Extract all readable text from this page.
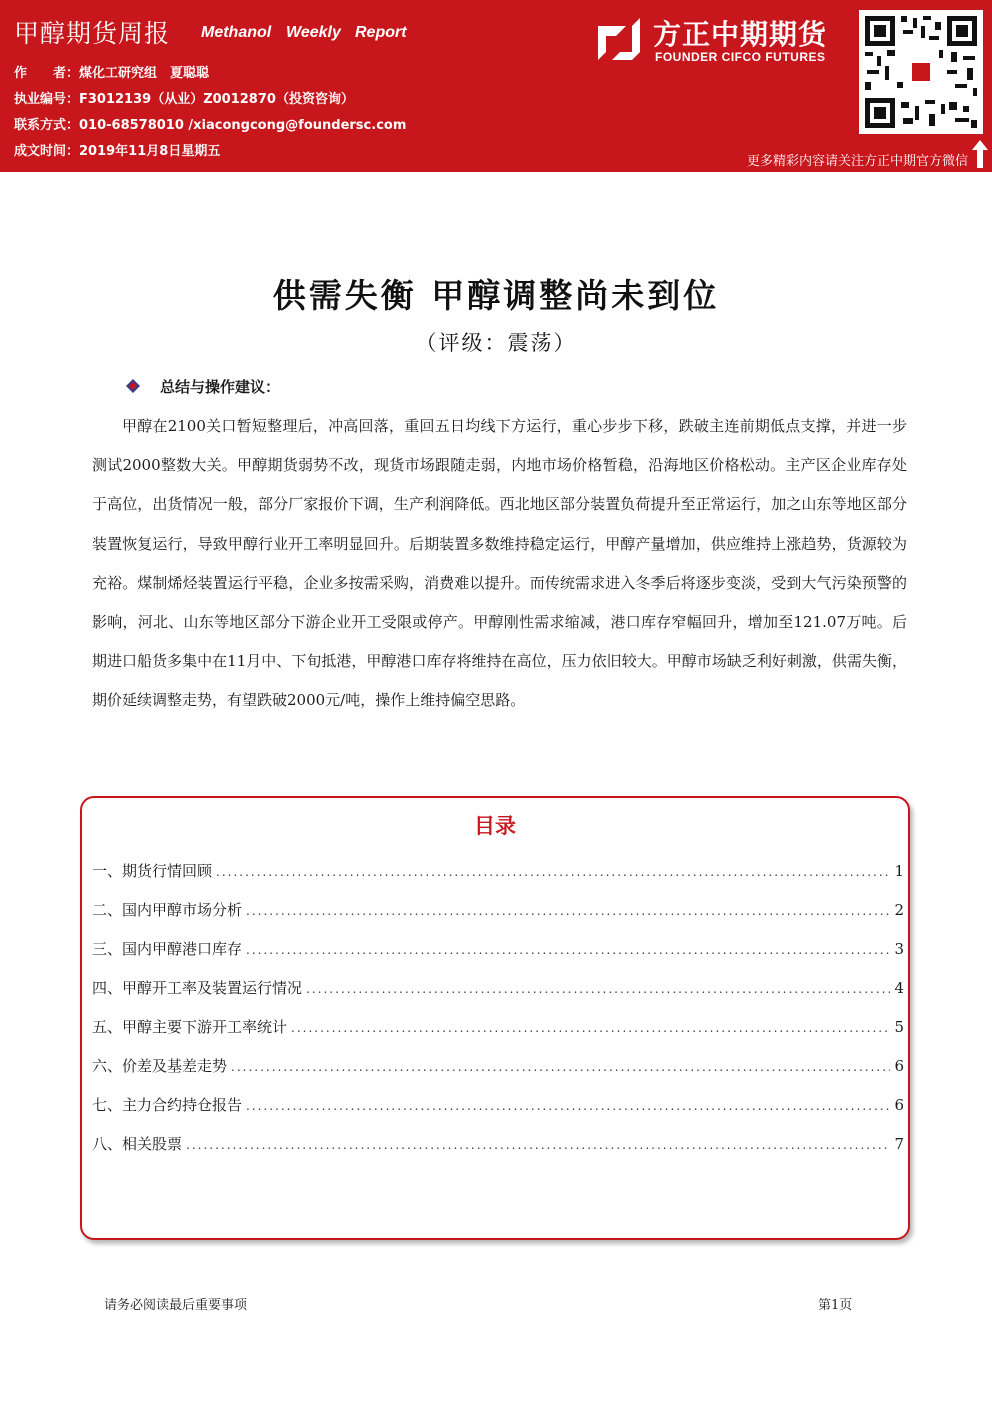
甲醇期货周报 Methanol Weekly Report
作　　者：煤化工研究组　夏聪聪
执业编号：F3012139（从业）Z0012870（投资咨询）
联系方式：010-68578010 /xiacongcong@foundersc.com
成文时间：2019年11月8日星期五
方正中期期货
FOUNDER CIFCO FUTURES
更多精彩内容请关注方正中期官方微信
供需失衡 甲醇调整尚未到位
（评级：震荡）
总结与操作建议：
甲醇在2100关口暂短整理后，冲高回落，重回五日均线下方运行，重心步步下移，跌破主连前期低点支撑，并进一步测试2000整数大关。甲醇期货弱势不改，现货市场跟随走弱，内地市场价格暂稳，沿海地区价格松动。主产区企业库存处于高位，出货情况一般，部分厂家报价下调，生产利润降低。西北地区部分装置负荷提升至正常运行，加之山东等地区部分装置恢复运行，导致甲醇行业开工率明显回升。后期装置多数维持稳定运行，甲醇产量增加，供应维持上涨趋势，货源较为充裕。煤制烯烃装置运行平稳，企业多按需采购，消费难以提升。而传统需求进入冬季后将逐步变淡，受到大气污染预警的影响，河北、山东等地区部分下游企业开工受限或停产。甲醇刚性需求缩减，港口库存窄幅回升，增加至121.07万吨。后期进口船货多集中在11月中、下旬抵港，甲醇港口库存将维持在高位，压力依旧较大。甲醇市场缺乏利好刺激，供需失衡，期价延续调整走势，有望跌破2000元/吨，操作上维持偏空思路。
目录
一、期货行情回顾 .....	1
二、国内甲醇市场分析 .....	2
三、国内甲醇港口库存 .....	3
四、甲醇开工率及装置运行情况 .....	4
五、甲醇主要下游开工率统计 .....	5
六、价差及基差走势 .....	6
七、主力合约持仓报告 .....	6
八、相关股票 .....	7
请务必阅读最后重要事项	第1页
